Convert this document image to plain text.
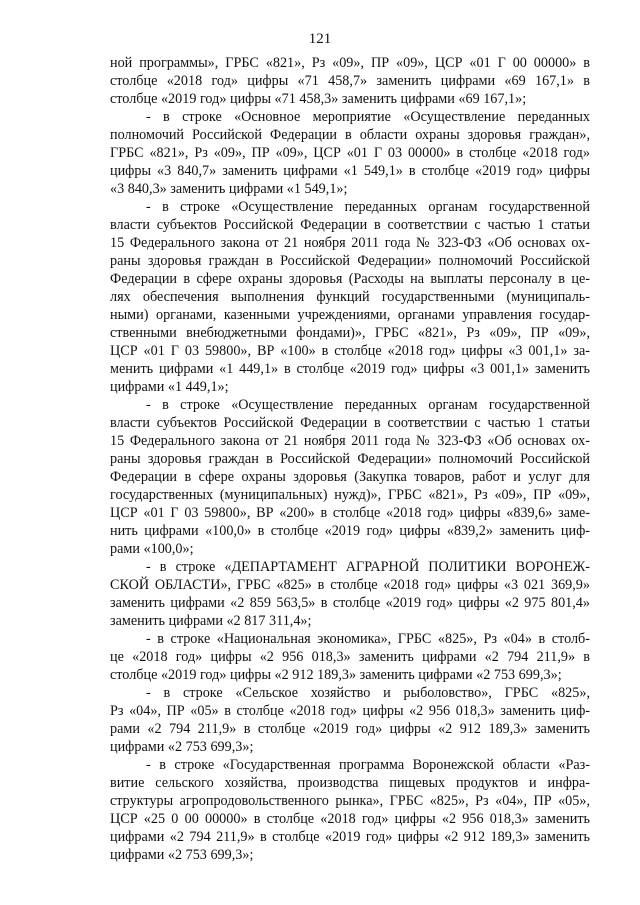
121
ной программы», ГРБС «821», Рз «09», ПР «09», ЦСР «01 Г 00 00000» в
столбце «2018 год» цифры «71 458,7» заменить цифрами «69 167,1» в
столбце «2019 год» цифры «71 458,3» заменить цифрами «69 167,1»;
- в строке «Основное мероприятие «Осуществление переданных
полномочий Российской Федерации в области охраны здоровья граждан»,
ГРБС «821», Рз «09», ПР «09», ЦСР «01 Г 03 00000» в столбце «2018 год»
цифры «3 840,7» заменить цифрами «1 549,1» в столбце «2019 год» цифры
«3 840,3» заменить цифрами «1 549,1»;
- в строке «Осуществление переданных органам государственной
власти субъектов Российской Федерации в соответствии с частью 1 статьи
15 Федерального закона от 21 ноября 2011 года № 323-ФЗ «Об основах ох-
раны здоровья граждан в Российской Федерации» полномочий Российской
Федерации в сфере охраны здоровья (Расходы на выплаты персоналу в це-
лях обеспечения выполнения функций государственными (муниципаль-
ными) органами, казенными учреждениями, органами управления государ-
ственными внебюджетными фондами)», ГРБС «821», Рз «09», ПР «09»,
ЦСР «01 Г 03 59800», ВР «100» в столбце «2018 год» цифры «3 001,1» за-
менить цифрами «1 449,1» в столбце «2019 год» цифры «3 001,1» заменить
цифрами «1 449,1»;
- в строке «Осуществление переданных органам государственной
власти субъектов Российской Федерации в соответствии с частью 1 статьи
15 Федерального закона от 21 ноября 2011 года № 323-ФЗ «Об основах ох-
раны здоровья граждан в Российской Федерации» полномочий Российской
Федерации в сфере охраны здоровья (Закупка товаров, работ и услуг для
государственных (муниципальных) нужд)», ГРБС «821», Рз «09», ПР «09»,
ЦСР «01 Г 03 59800», ВР «200» в столбце «2018 год» цифры «839,6» заме-
нить цифрами «100,0» в столбце «2019 год» цифры «839,2» заменить циф-
рами «100,0»;
- в строке «ДЕПАРТАМЕНТ АГРАРНОЙ ПОЛИТИКИ ВОРОНЕЖ-
СКОЙ ОБЛАСТИ», ГРБС «825» в столбце «2018 год» цифры «3 021 369,9»
заменить цифрами «2 859 563,5» в столбце «2019 год» цифры «2 975 801,4»
заменить цифрами «2 817 311,4»;
- в строке «Национальная экономика», ГРБС «825», Рз «04» в столб-
це «2018 год» цифры «2 956 018,3» заменить цифрами «2 794 211,9» в
столбце «2019 год» цифры «2 912 189,3» заменить цифрами «2 753 699,3»;
- в строке «Сельское хозяйство и рыболовство», ГРБС «825»,
Рз «04», ПР «05» в столбце «2018 год» цифры «2 956 018,3» заменить циф-
рами «2 794 211,9» в столбце «2019 год» цифры «2 912 189,3» заменить
цифрами «2 753 699,3»;
- в строке «Государственная программа Воронежской области «Раз-
витие сельского хозяйства, производства пищевых продуктов и инфра-
структуры агропродовольственного рынка», ГРБС «825», Рз «04», ПР «05»,
ЦСР «25 0 00 00000» в столбце «2018 год» цифры «2 956 018,3» заменить
цифрами «2 794 211,9» в столбце «2019 год» цифры «2 912 189,3» заменить
цифрами «2 753 699,3»;
